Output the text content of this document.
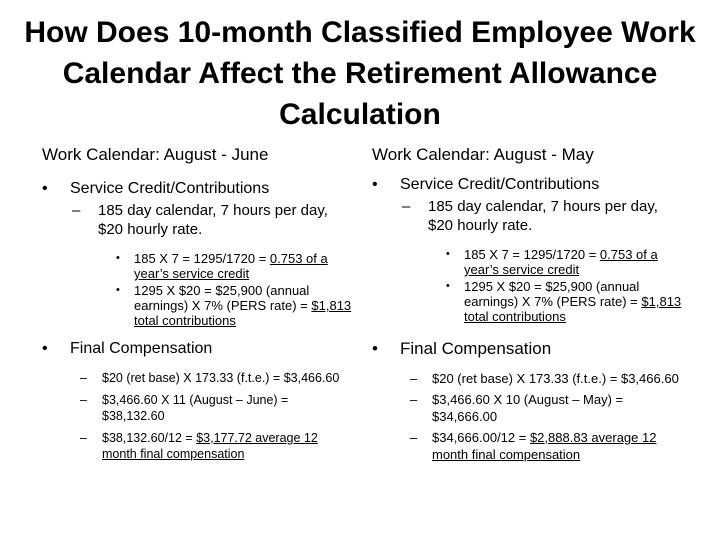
How Does 10-month Classified Employee Work Calendar Affect the Retirement Allowance Calculation
Work Calendar: August - June
• Service Credit/Contributions
– 185 day calendar, 7 hours per day, $20 hourly rate.
• 185 X 7 = 1295/1720 = 0.753 of a year’s service credit
• 1295 X $20 = $25,900 (annual earnings) X 7% (PERS rate) = $1,813 total contributions
• Final Compensation
– $20 (ret base) X 173.33 (f.t.e.) = $3,466.60
– $3,466.60 X 11 (August – June) = $38,132.60
– $38,132.60/12 = $3,177.72 average 12 month final compensation
Work Calendar: August - May
• Service Credit/Contributions
– 185 day calendar, 7 hours per day, $20 hourly rate.
• 185 X 7 = 1295/1720 = 0.753 of a year’s service credit
• 1295 X $20 = $25,900 (annual earnings) X 7% (PERS rate) = $1,813 total contributions
• Final Compensation
– $20 (ret base) X 173.33 (f.t.e.) = $3,466.60
– $3,466.60 X 10 (August – May) = $34,666.00
– $34,666.00/12 = $2,888.83 average 12 month final compensation
